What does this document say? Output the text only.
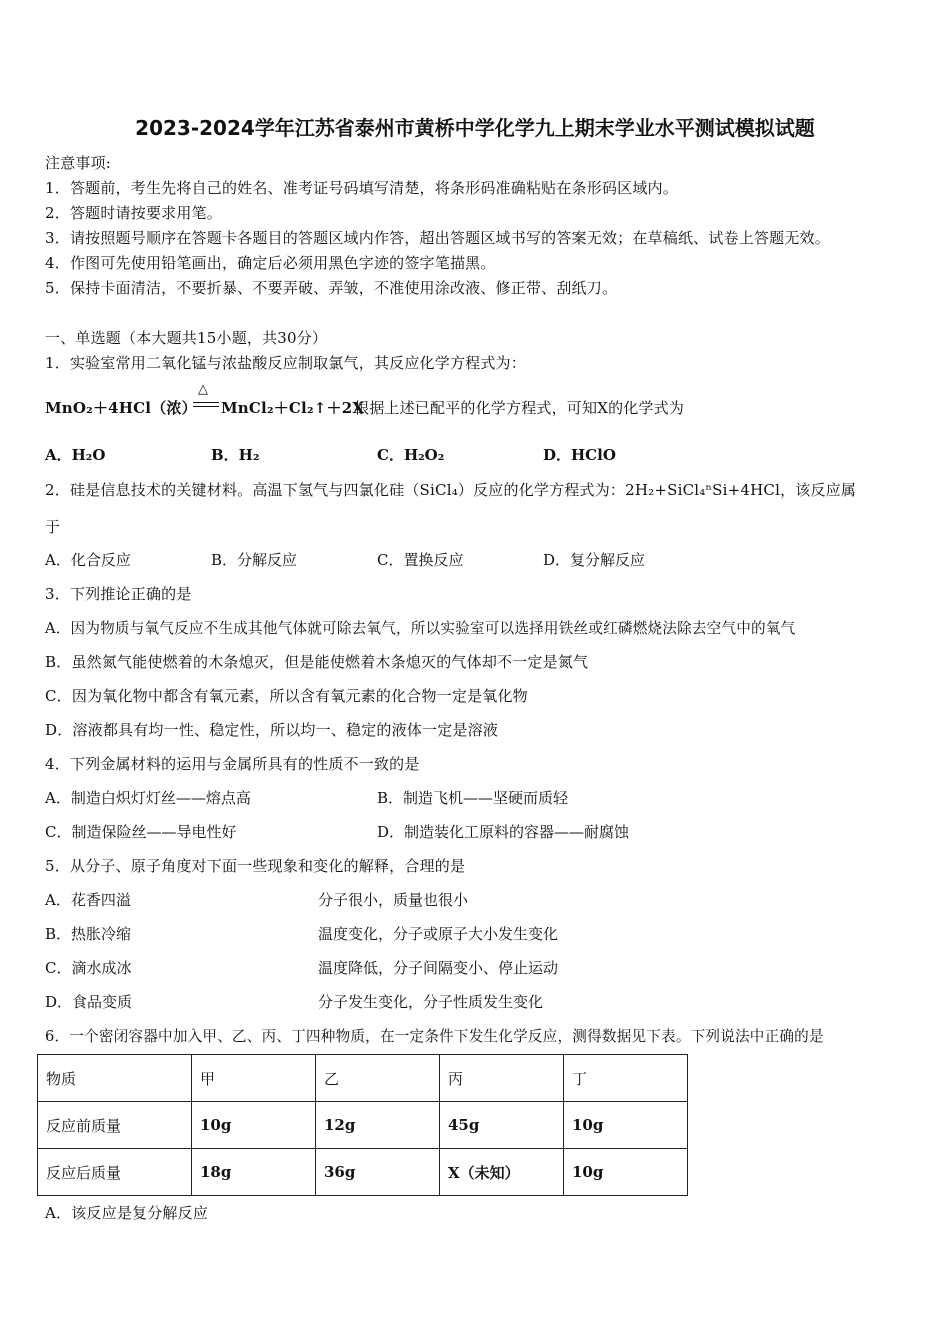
2023-2024学年江苏省泰州市黄桥中学化学九上期末学业水平测试模拟试题
注意事项:
1．答题前，考生先将自己的姓名、准考证号码填写清楚，将条形码准确粘贴在条形码区域内。
2．答题时请按要求用笔。
3．请按照题号顺序在答题卡各题目的答题区域内作答，超出答题区域书写的答案无效；在草稿纸、试卷上答题无效。
4．作图可先使用铅笔画出，确定后必须用黑色字迹的签字笔描黑。
5．保持卡面清洁，不要折暴、不要弄破、弄皱，不准使用涂改液、修正带、刮纸刀。
一、单选题（本大题共15小题，共30分）
1．实验室常用二氧化锰与浓盐酸反应制取氯气，其反应化学方程式为：
△
MnO₂＋4HCl（浓） MnCl₂＋Cl₂↑＋2X
根据上述已配平的化学方程式，可知X的化学式为
A．H₂O	B．H₂	C．H₂O₂	D．HClO
2．硅是信息技术的关键材料。高温下氢气与四氯化硅（SiCl₄）反应的化学方程式为：2H₂+SiCl₄ⁿSi+4HCl，该反应属
于
A．化合反应	B．分解反应	C．置换反应	D．复分解反应
3．下列推论正确的是
A．因为物质与氧气反应不生成其他气体就可除去氧气，所以实验室可以选择用铁丝或红磷燃烧法除去空气中的氧气
B．虽然氮气能使燃着的木条熄灭，但是能使燃着木条熄灭的气体却不一定是氮气
C．因为氧化物中都含有氧元素，所以含有氧元素的化合物一定是氧化物
D．溶液都具有均一性、稳定性，所以均一、稳定的液体一定是溶液
4．下列金属材料的运用与金属所具有的性质不一致的是
A．制造白炽灯灯丝——熔点高	B．制造飞机——坚硬而质轻
C．制造保险丝——导电性好	D．制造装化工原料的容器——耐腐蚀
5．从分子、原子角度对下面一些现象和变化的解释，合理的是
A．花香四溢	分子很小，质量也很小
B．热胀冷缩	温度变化，分子或原子大小发生变化
C．滴水成冰	温度降低，分子间隔变小、停止运动
D．食品变质	分子发生变化，分子性质发生变化
6．一个密闭容器中加入甲、乙、丙、丁四种物质，在一定条件下发生化学反应，测得数据见下表。下列说法中正确的是
物质	甲	乙	丙	丁
反应前质量	10g	12g	45g	10g
反应后质量	18g	36g	X（未知）	10g
A．该反应是复分解反应
